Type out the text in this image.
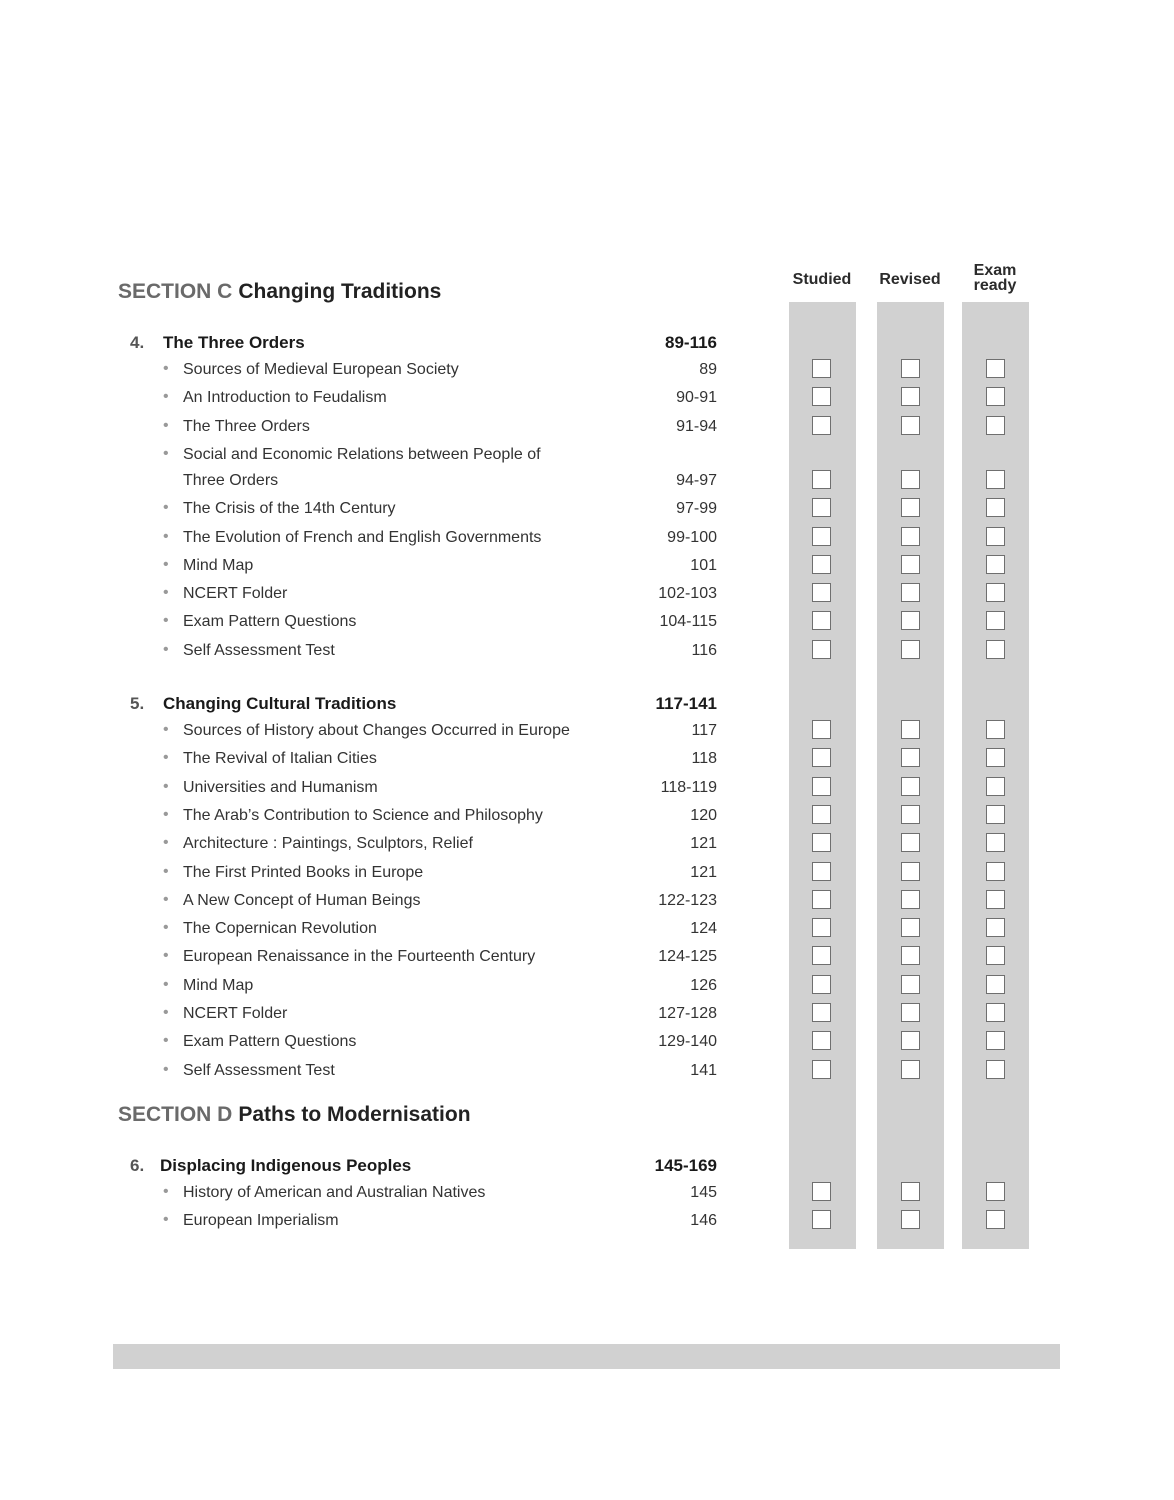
Studied	Revised
Exam
ready
SECTION C Changing Traditions
SECTION D Paths to Modernisation
4. The Three Orders	89-116
• Sources of Medieval European Society	89
• An Introduction to Feudalism	90-91
• The Three Orders	91-94
• Social and Economic Relations between People of
Three Orders	94-97
• The Crisis of the 14th Century	97-99
• The Evolution of French and English Governments	99-100
• Mind Map	101
• NCERT Folder	102-103
• Exam Pattern Questions	104-115
• Self Assessment Test	116
5. Changing Cultural Traditions	117-141
• Sources of History about Changes Occurred in Europe	117
• The Revival of Italian Cities	118
• Universities and Humanism	118-119
• The Arab’s Contribution to Science and Philosophy	120
• Architecture : Paintings, Sculptors, Relief	121
• The First Printed Books in Europe	121
• A New Concept of Human Beings	122-123
• The Copernican Revolution	124
• European Renaissance in the Fourteenth Century	124-125
• Mind Map	126
• NCERT Folder	127-128
• Exam Pattern Questions	129-140
• Self Assessment Test	141
6. Displacing Indigenous Peoples	145-169
• History of American and Australian Natives	145
• European Imperialism	146
